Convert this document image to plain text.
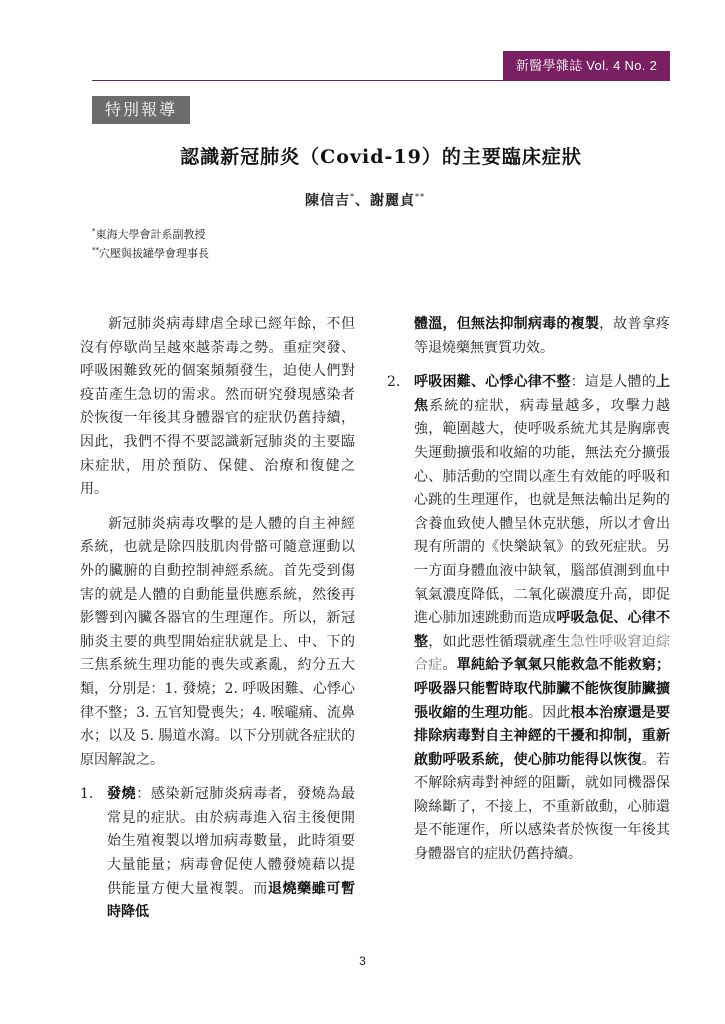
新醫學雜誌 Vol. 4 No. 2
特別報導
認識新冠肺炎（Covid-19）的主要臨床症狀
陳信吉*、謝麗貞**
*東海大學會計系副教授
**穴壓與拔罐學會理事長

新冠肺炎病毒肆虐全球已經年餘，不但沒有停歇尚呈越來越荼毒之勢。重症突發、呼吸困難致死的個案頻頻發生，迫使人們對疫苗產生急切的需求。然而研究發現感染者於恢復一年後其身體器官的症狀仍舊持續，因此，我們不得不要認識新冠肺炎的主要臨床症狀，用於預防、保健、治療和復健之用。

新冠肺炎病毒攻擊的是人體的自主神經系統，也就是除四肢肌肉骨骼可隨意運動以外的臟腑的自動控制神經系統。首先受到傷害的就是人體的自動能量供應系統，然後再影響到內臟各器官的生理運作。所以，新冠肺炎主要的典型開始症狀就是上、中、下的三焦系統生理功能的喪失或紊亂，約分五大類，分別是：1. 發燒；2. 呼吸困難、心悸心律不整；3. 五官知覺喪失；4. 喉嚨痛、流鼻水；以及 5. 腸道水瀉。以下分別就各症狀的原因解說之。

1. 發燒：感染新冠肺炎病毒者，發燒為最常見的症狀。由於病毒進入宿主後便開始生殖複製以增加病毒數量，此時須要大量能量；病毒會促使人體發燒藉以提供能量方便大量複製。而退燒藥雖可暫時降低

體溫，但無法抑制病毒的複製，故普拿疼等退燒藥無實質功效。

2. 呼吸困難、心悸心律不整：這是人體的上焦系統的症狀，病毒量越多，攻擊力越強，範圍越大，使呼吸系統尤其是胸廓喪失運動擴張和收縮的功能，無法充分擴張心、肺活動的空間以產生有效能的呼吸和心跳的生理運作，也就是無法輸出足夠的含養血致使人體呈休克狀態，所以才會出現有所謂的《快樂缺氧》的致死症狀。另一方面身體血液中缺氧，腦部偵測到血中氧氣濃度降低，二氧化碳濃度升高，即促進心肺加速跳動而造成呼吸急促、心律不整，如此惡性循環就產生急性呼吸窘迫綜合症。單純給予氧氣只能救急不能救窮；呼吸器只能暫時取代肺臟不能恢復肺臟擴張收縮的生理功能。因此根本治療還是要排除病毒對自主神經的干擾和抑制，重新啟動呼吸系統，使心肺功能得以恢復。若不解除病毒對神經的阻斷，就如同機器保險絲斷了，不接上，不重新啟動，心肺還是不能運作，所以感染者於恢復一年後其身體器官的症狀仍舊持續。

3
